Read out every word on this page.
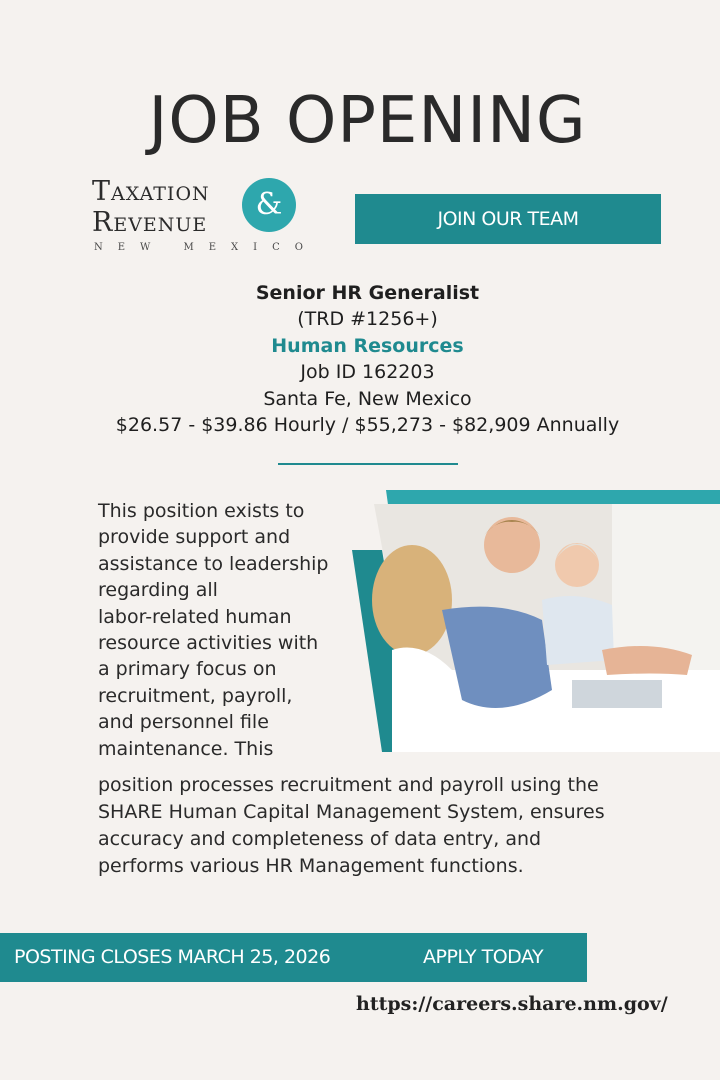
JOB OPENING
Taxation	&
Revenue
NEW MEXICO
JOIN OUR TEAM
Senior HR Generalist
(TRD #1256+)
Human Resources
Job ID 162203
Santa Fe, New Mexico
$26.57 - $39.86 Hourly / $55,273 - $82,909 Annually
This position exists to
provide support and
assistance to leadership
regarding all
labor-related human
resource activities with
a primary focus on
recruitment, payroll,
and personnel file
maintenance. This
position processes recruitment and payroll using the
SHARE Human Capital Management System, ensures
accuracy and completeness of data entry, and
performs various HR Management functions.
POSTING CLOSES MARCH 25, 2026	APPLY TODAY
https://careers.share.nm.gov/
